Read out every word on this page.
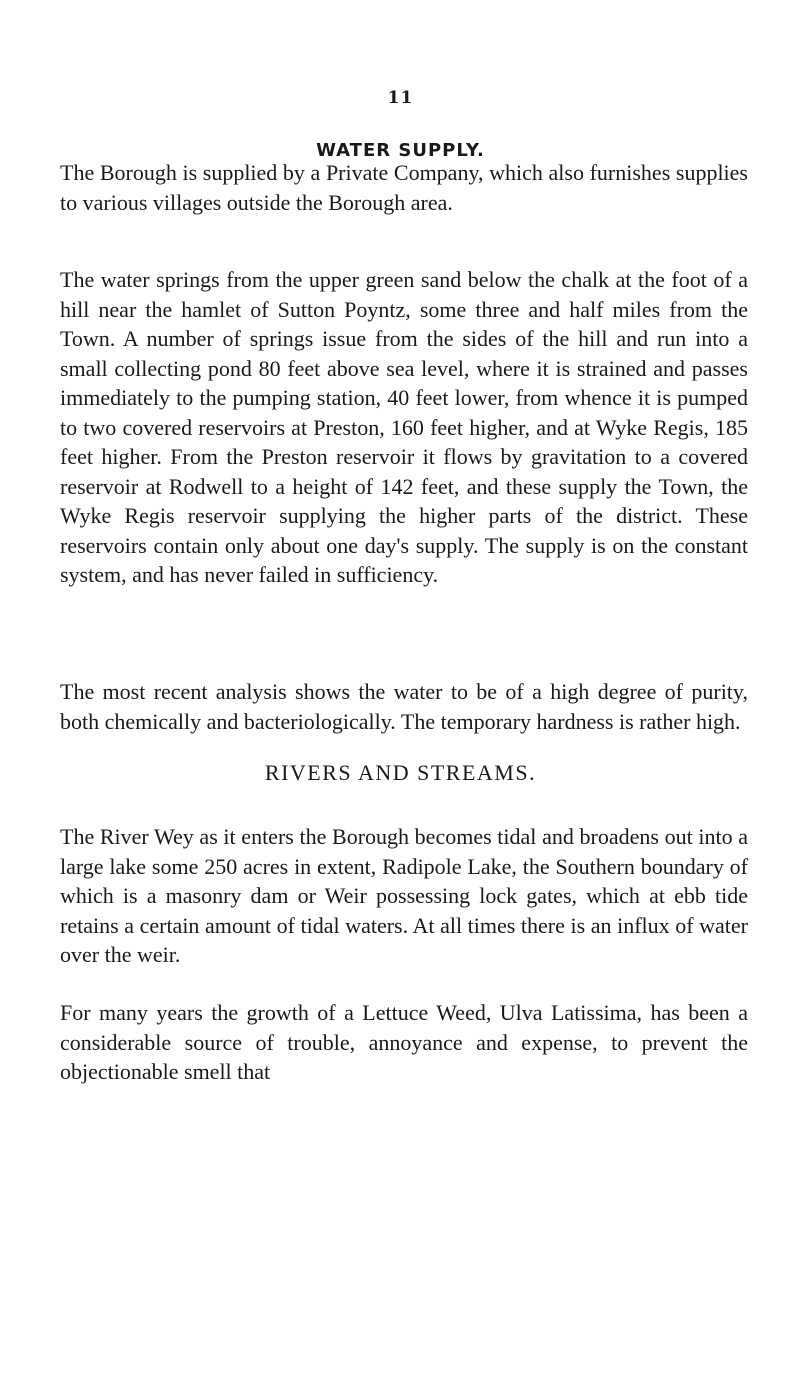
11
WATER SUPPLY.

The Borough is supplied by a Private Company, which also furnishes supplies to various villages outside the Borough area.

The water springs from the upper green sand below the chalk at the foot of a hill near the hamlet of Sutton Poyntz, some three and half miles from the Town. A number of springs issue from the sides of the hill and run into a small collecting pond 80 feet above sea level, where it is strained and passes immediately to the pumping station, 40 feet lower, from whence it is pumped to two covered reservoirs at Preston, 160 feet higher, and at Wyke Regis, 185 feet higher. From the Preston reservoir it flows by gravitation to a covered reservoir at Rodwell to a height of 142 feet, and these supply the Town, the Wyke Regis reservoir supplying the higher parts of the district. These reservoirs contain only about one day's supply. The supply is on the constant system, and has never failed in sufficiency.

The most recent analysis shows the water to be of a high degree of purity, both chemically and bacteriologically. The temporary hardness is rather high.

RIVERS AND STREAMS.

The River Wey as it enters the Borough becomes tidal and broadens out into a large lake some 250 acres in extent, Radipole Lake, the Southern boundary of which is a masonry dam or Weir possessing lock gates, which at ebb tide retains a certain amount of tidal waters. At all times there is an influx of water over the weir.

For many years the growth of a Lettuce Weed, Ulva Latissima, has been a considerable source of trouble, annoyance and expense, to prevent the objectionable smell that
